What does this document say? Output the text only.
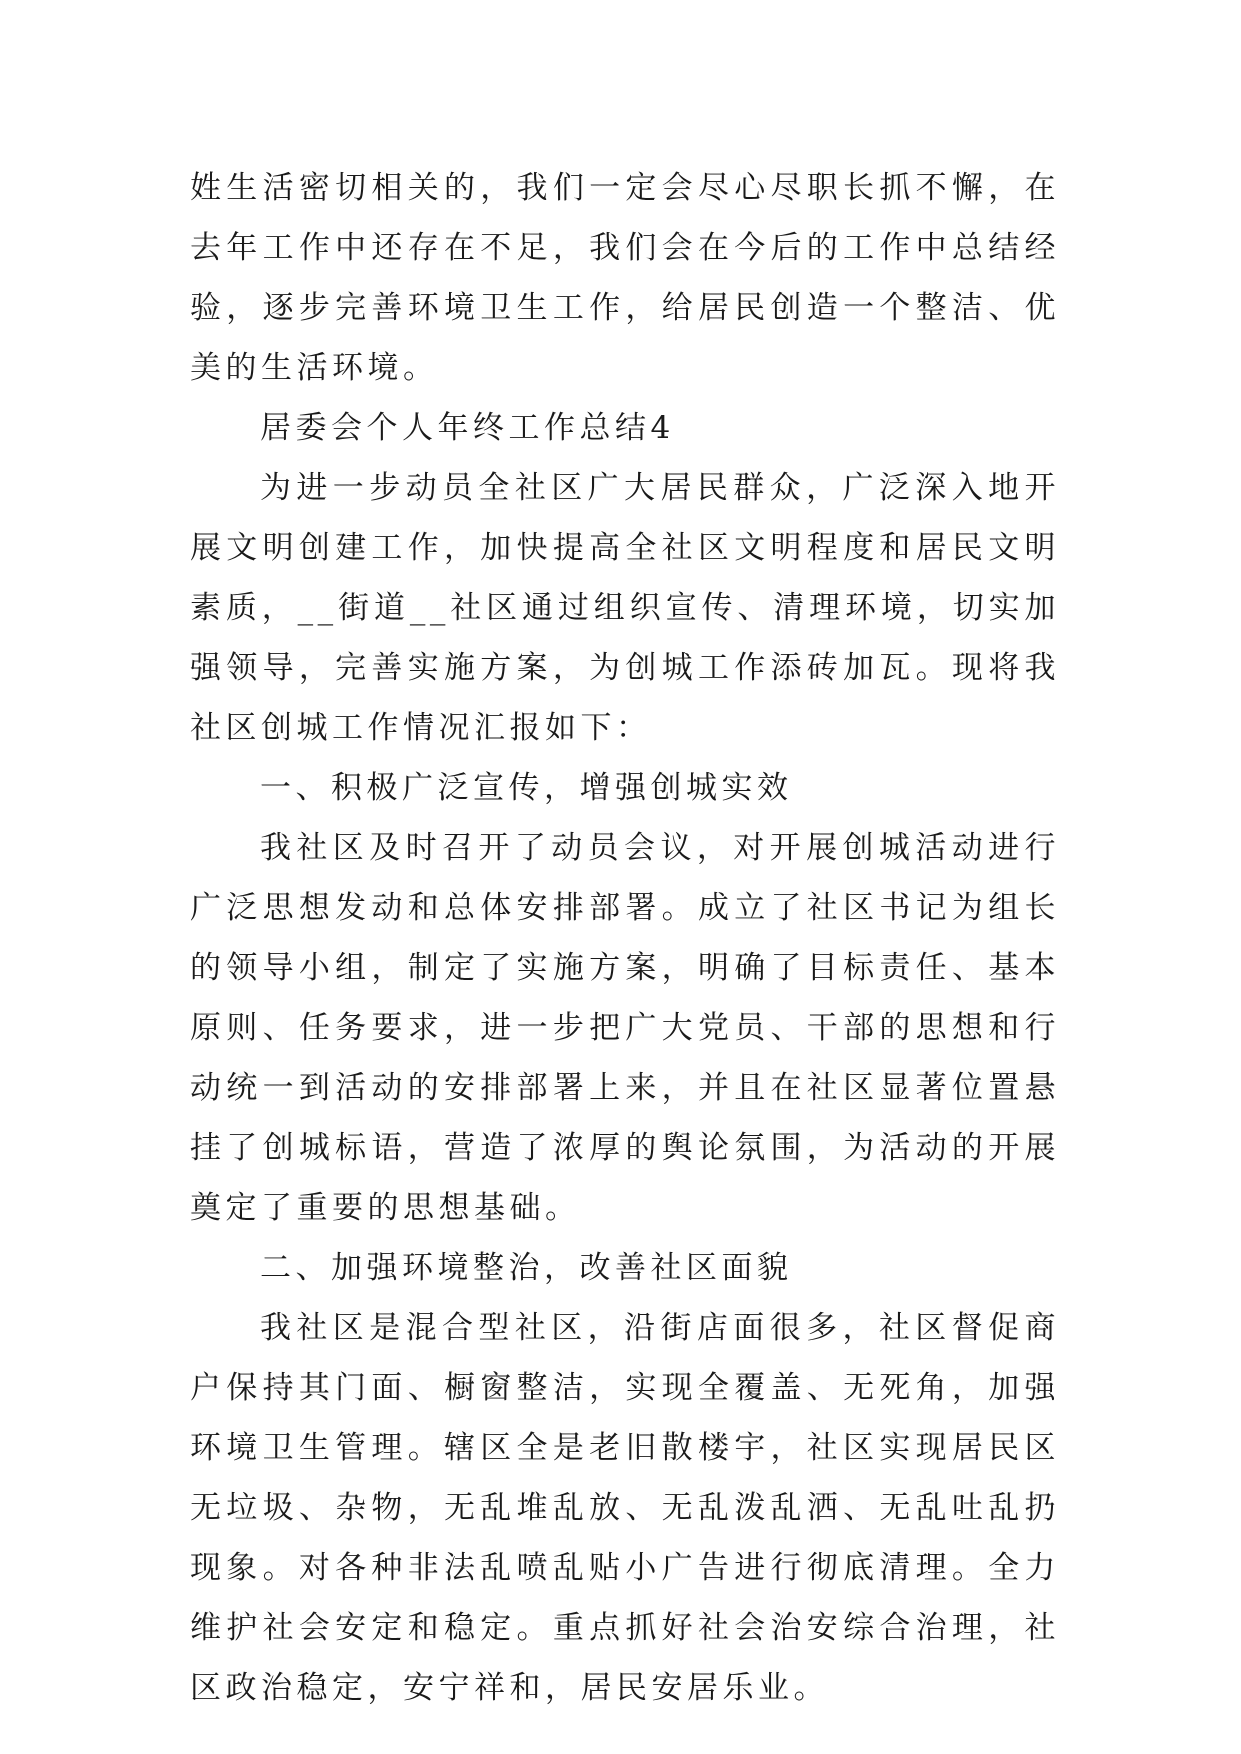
姓生活密切相关的，我们一定会尽心尽职长抓不懈，在去年工作中还存在不足，我们会在今后的工作中总结经验，逐步完善环境卫生工作，给居民创造一个整洁、优美的生活环境。

居委会个人年终工作总结4

为进一步动员全社区广大居民群众，广泛深入地开展文明创建工作，加快提高全社区文明程度和居民文明素质，__街道__社区通过组织宣传、清理环境，切实加强领导，完善实施方案，为创城工作添砖加瓦。现将我社区创城工作情况汇报如下：

一、积极广泛宣传，增强创城实效

我社区及时召开了动员会议，对开展创城活动进行广泛思想发动和总体安排部署。成立了社区书记为组长的领导小组，制定了实施方案，明确了目标责任、基本原则、任务要求，进一步把广大党员、干部的思想和行动统一到活动的安排部署上来，并且在社区显著位置悬挂了创城标语，营造了浓厚的舆论氛围，为活动的开展奠定了重要的思想基础。

二、加强环境整治，改善社区面貌

我社区是混合型社区，沿街店面很多，社区督促商户保持其门面、橱窗整洁，实现全覆盖、无死角，加强环境卫生管理。辖区全是老旧散楼宇，社区实现居民区无垃圾、杂物，无乱堆乱放、无乱泼乱洒、无乱吐乱扔现象。对各种非法乱喷乱贴小广告进行彻底清理。全力维护社会安定和稳定。重点抓好社会治安综合治理，社区政治稳定，安宁祥和，居民安居乐业。
